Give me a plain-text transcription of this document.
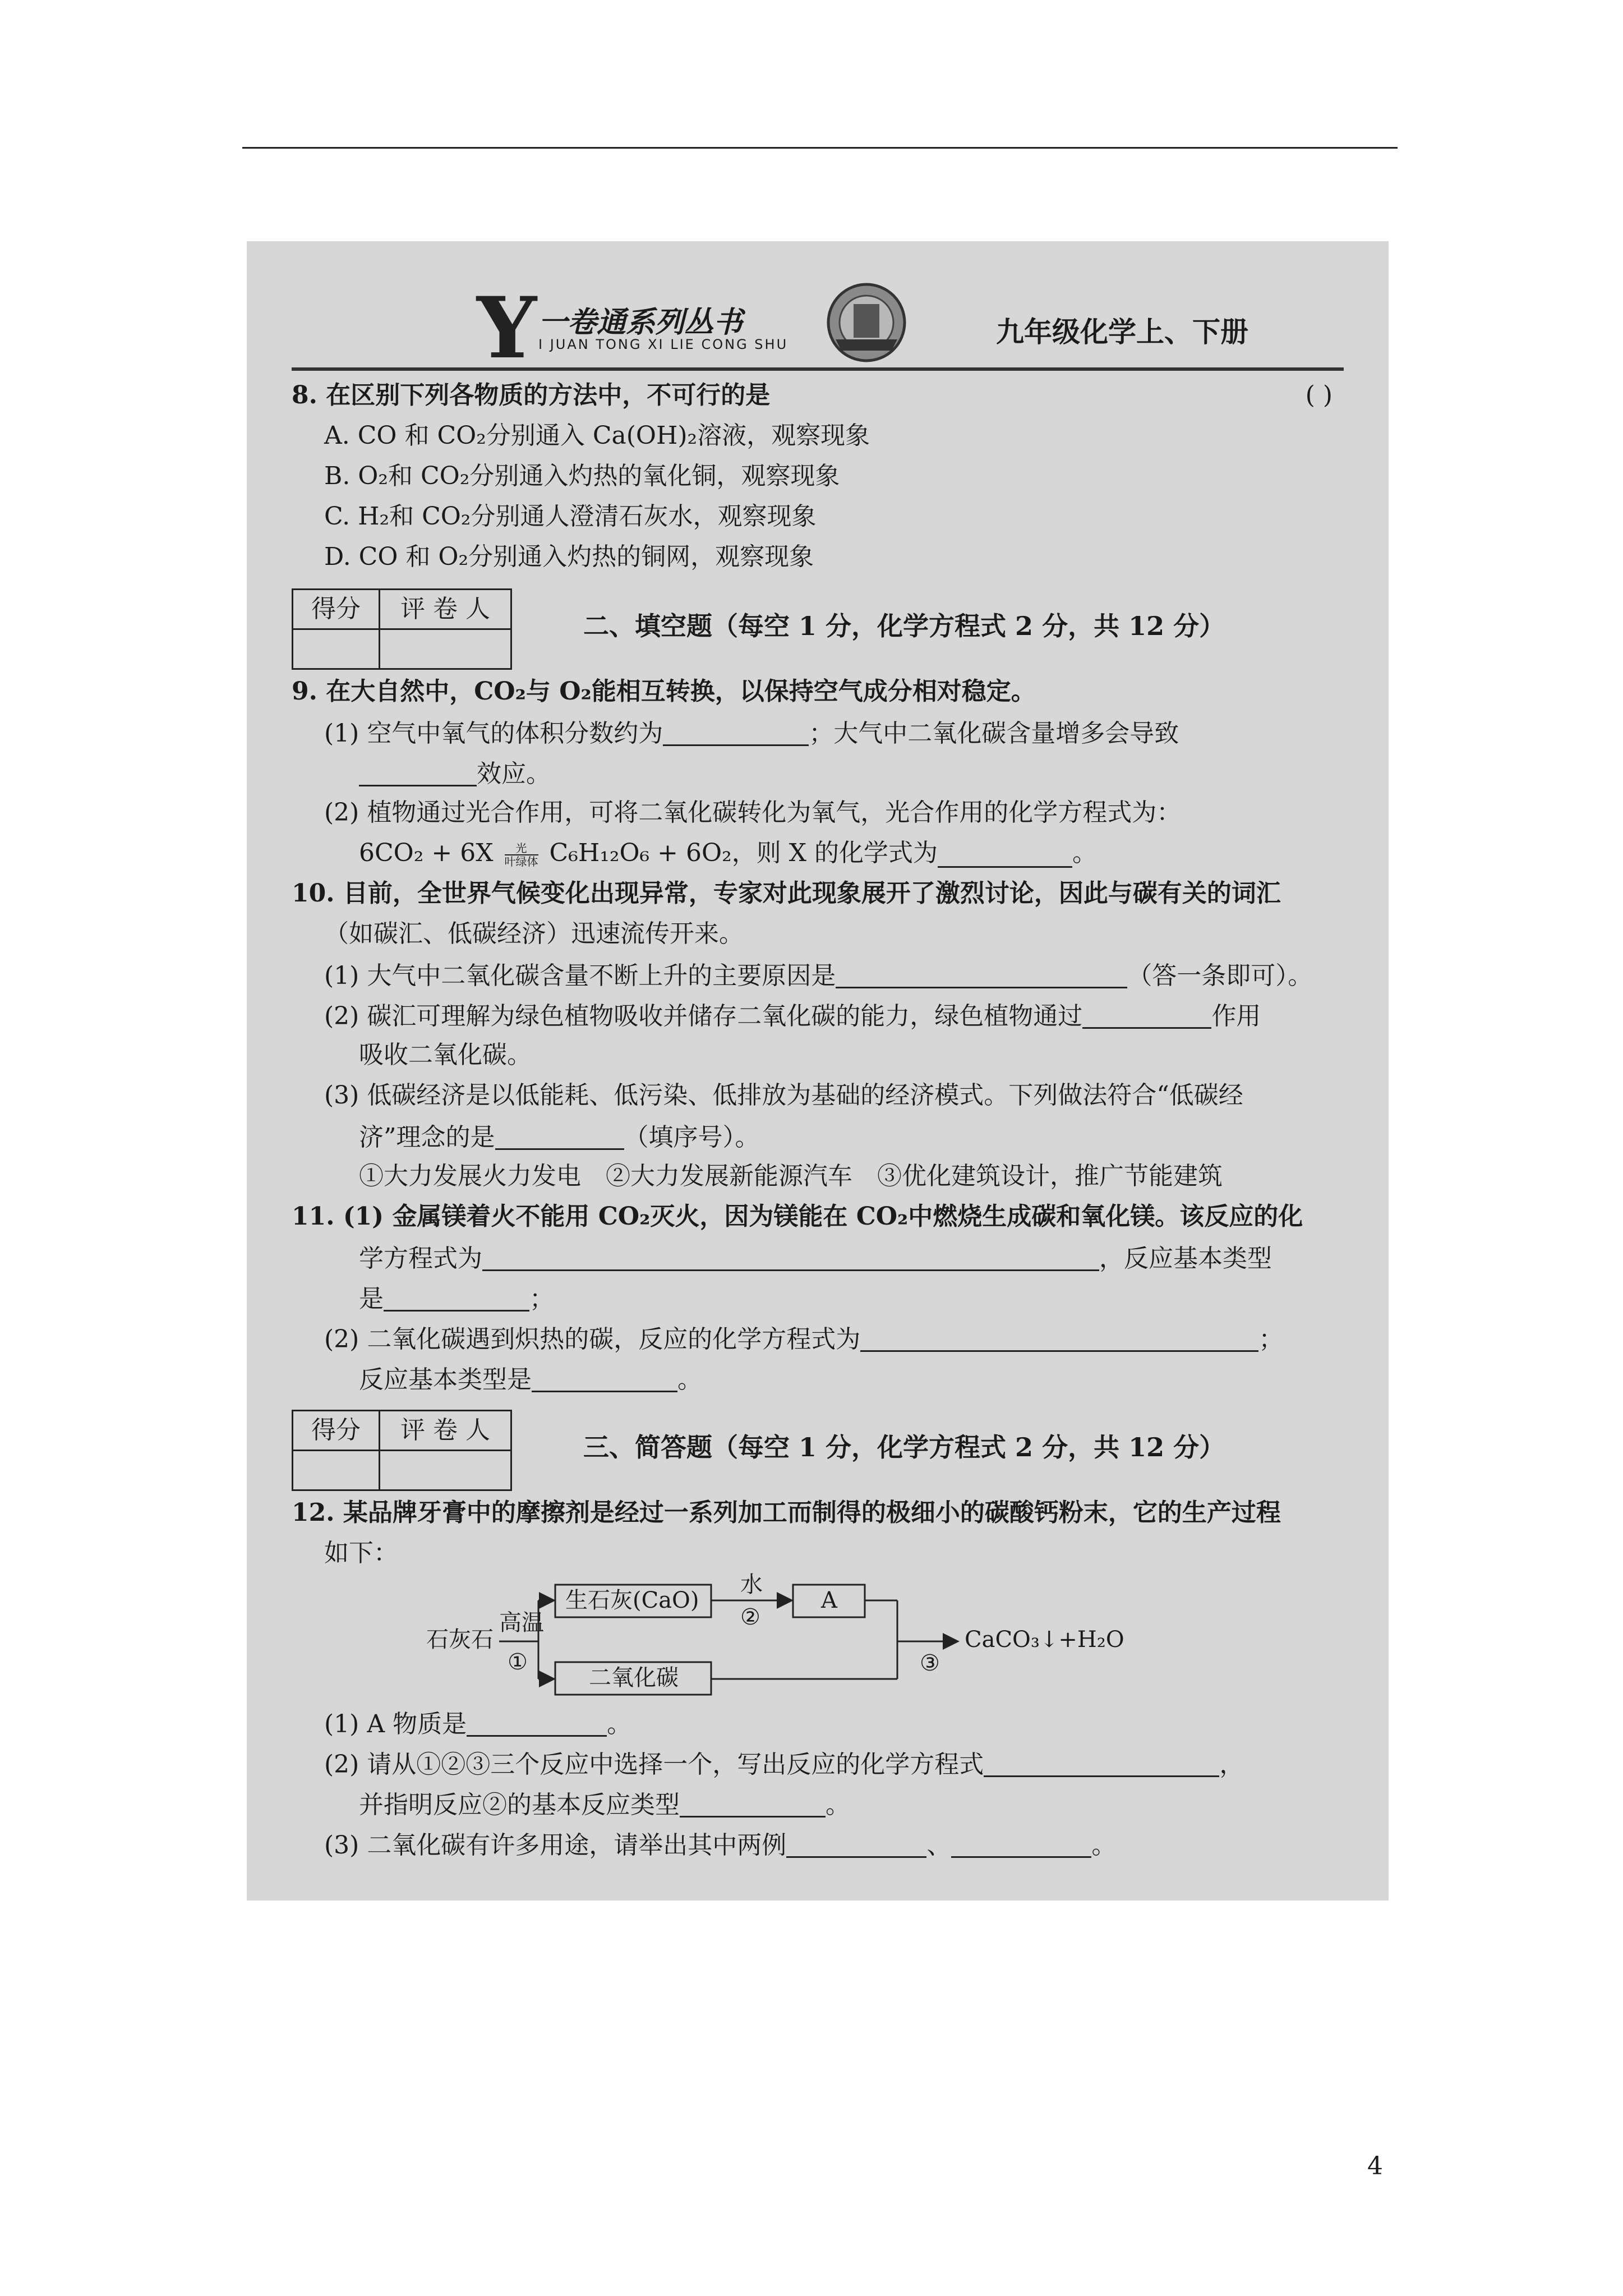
Y 一卷通系列丛书
I JUAN TONG XI LIE CONG SHU	九年级化学上、下册
8. 在区别下列各物质的方法中，不可行的是	( )
A. CO 和 CO₂分别通入 Ca(OH)₂溶液，观察现象
B. O₂和 CO₂分别通入灼热的氧化铜，观察现象
C. H₂和 CO₂分别通人澄清石灰水，观察现象
D. CO 和 O₂分别通入灼热的铜网，观察现象
得分	评 卷 人

二、填空题（每空 1 分，化学方程式 2 分，共 12 分）
9. 在大自然中，CO₂与 O₂能相互转换，以保持空气成分相对稳定。
(1) 空气中氧气的体积分数约为	；大气中二氧化碳含量增多会导致
效应。
(2) 植物通过光合作用，可将二氧化碳转化为氧气，光合作用的化学方程式为：
$6CO_2 + 6X \frac{\text{光}}{\text{叶绿体}} C_6H_{12}O_6 + 6O_2$，则 X 的化学式为	。
10. 目前，全世界气候变化出现异常，专家对此现象展开了激烈讨论，因此与碳有关的词汇
（如碳汇、低碳经济）迅速流传开来。
(1) 大气中二氧化碳含量不断上升的主要原因是	（答一条即可）。
(2) 碳汇可理解为绿色植物吸收并储存二氧化碳的能力，绿色植物通过	作用
吸收二氧化碳。
(3) 低碳经济是以低能耗、低污染、低排放为基础的经济模式。下列做法符合“低碳经
济”理念的是	（填序号）。
①大力发展火力发电　②大力发展新能源汽车　③优化建筑设计，推广节能建筑
11. (1) 金属镁着火不能用 CO₂灭火，因为镁能在 CO₂中燃烧生成碳和氧化镁。该反应的化
学方程式为	，反应基本类型
是	；
(2) 二氧化碳遇到炽热的碳，反应的化学方程式为	；
反应基本类型是	。
得分	评 卷 人

三、简答题（每空 1 分，化学方程式 2 分，共 12 分）
12. 某品牌牙膏中的摩擦剂是经过一系列加工而制得的极细小的碳酸钙粉末，它的生产过程
如下：
石灰石
高温
①
生石灰(CaO)
二氧化碳
水
②
A
③
CaCO₃↓+H₂O
(1) A 物质是	。
(2) 请从①②③三个反应中选择一个，写出反应的化学方程式	，
并指明反应②的基本反应类型	。
(3) 二氧化碳有许多用途，请举出其中两例	、	。
4
